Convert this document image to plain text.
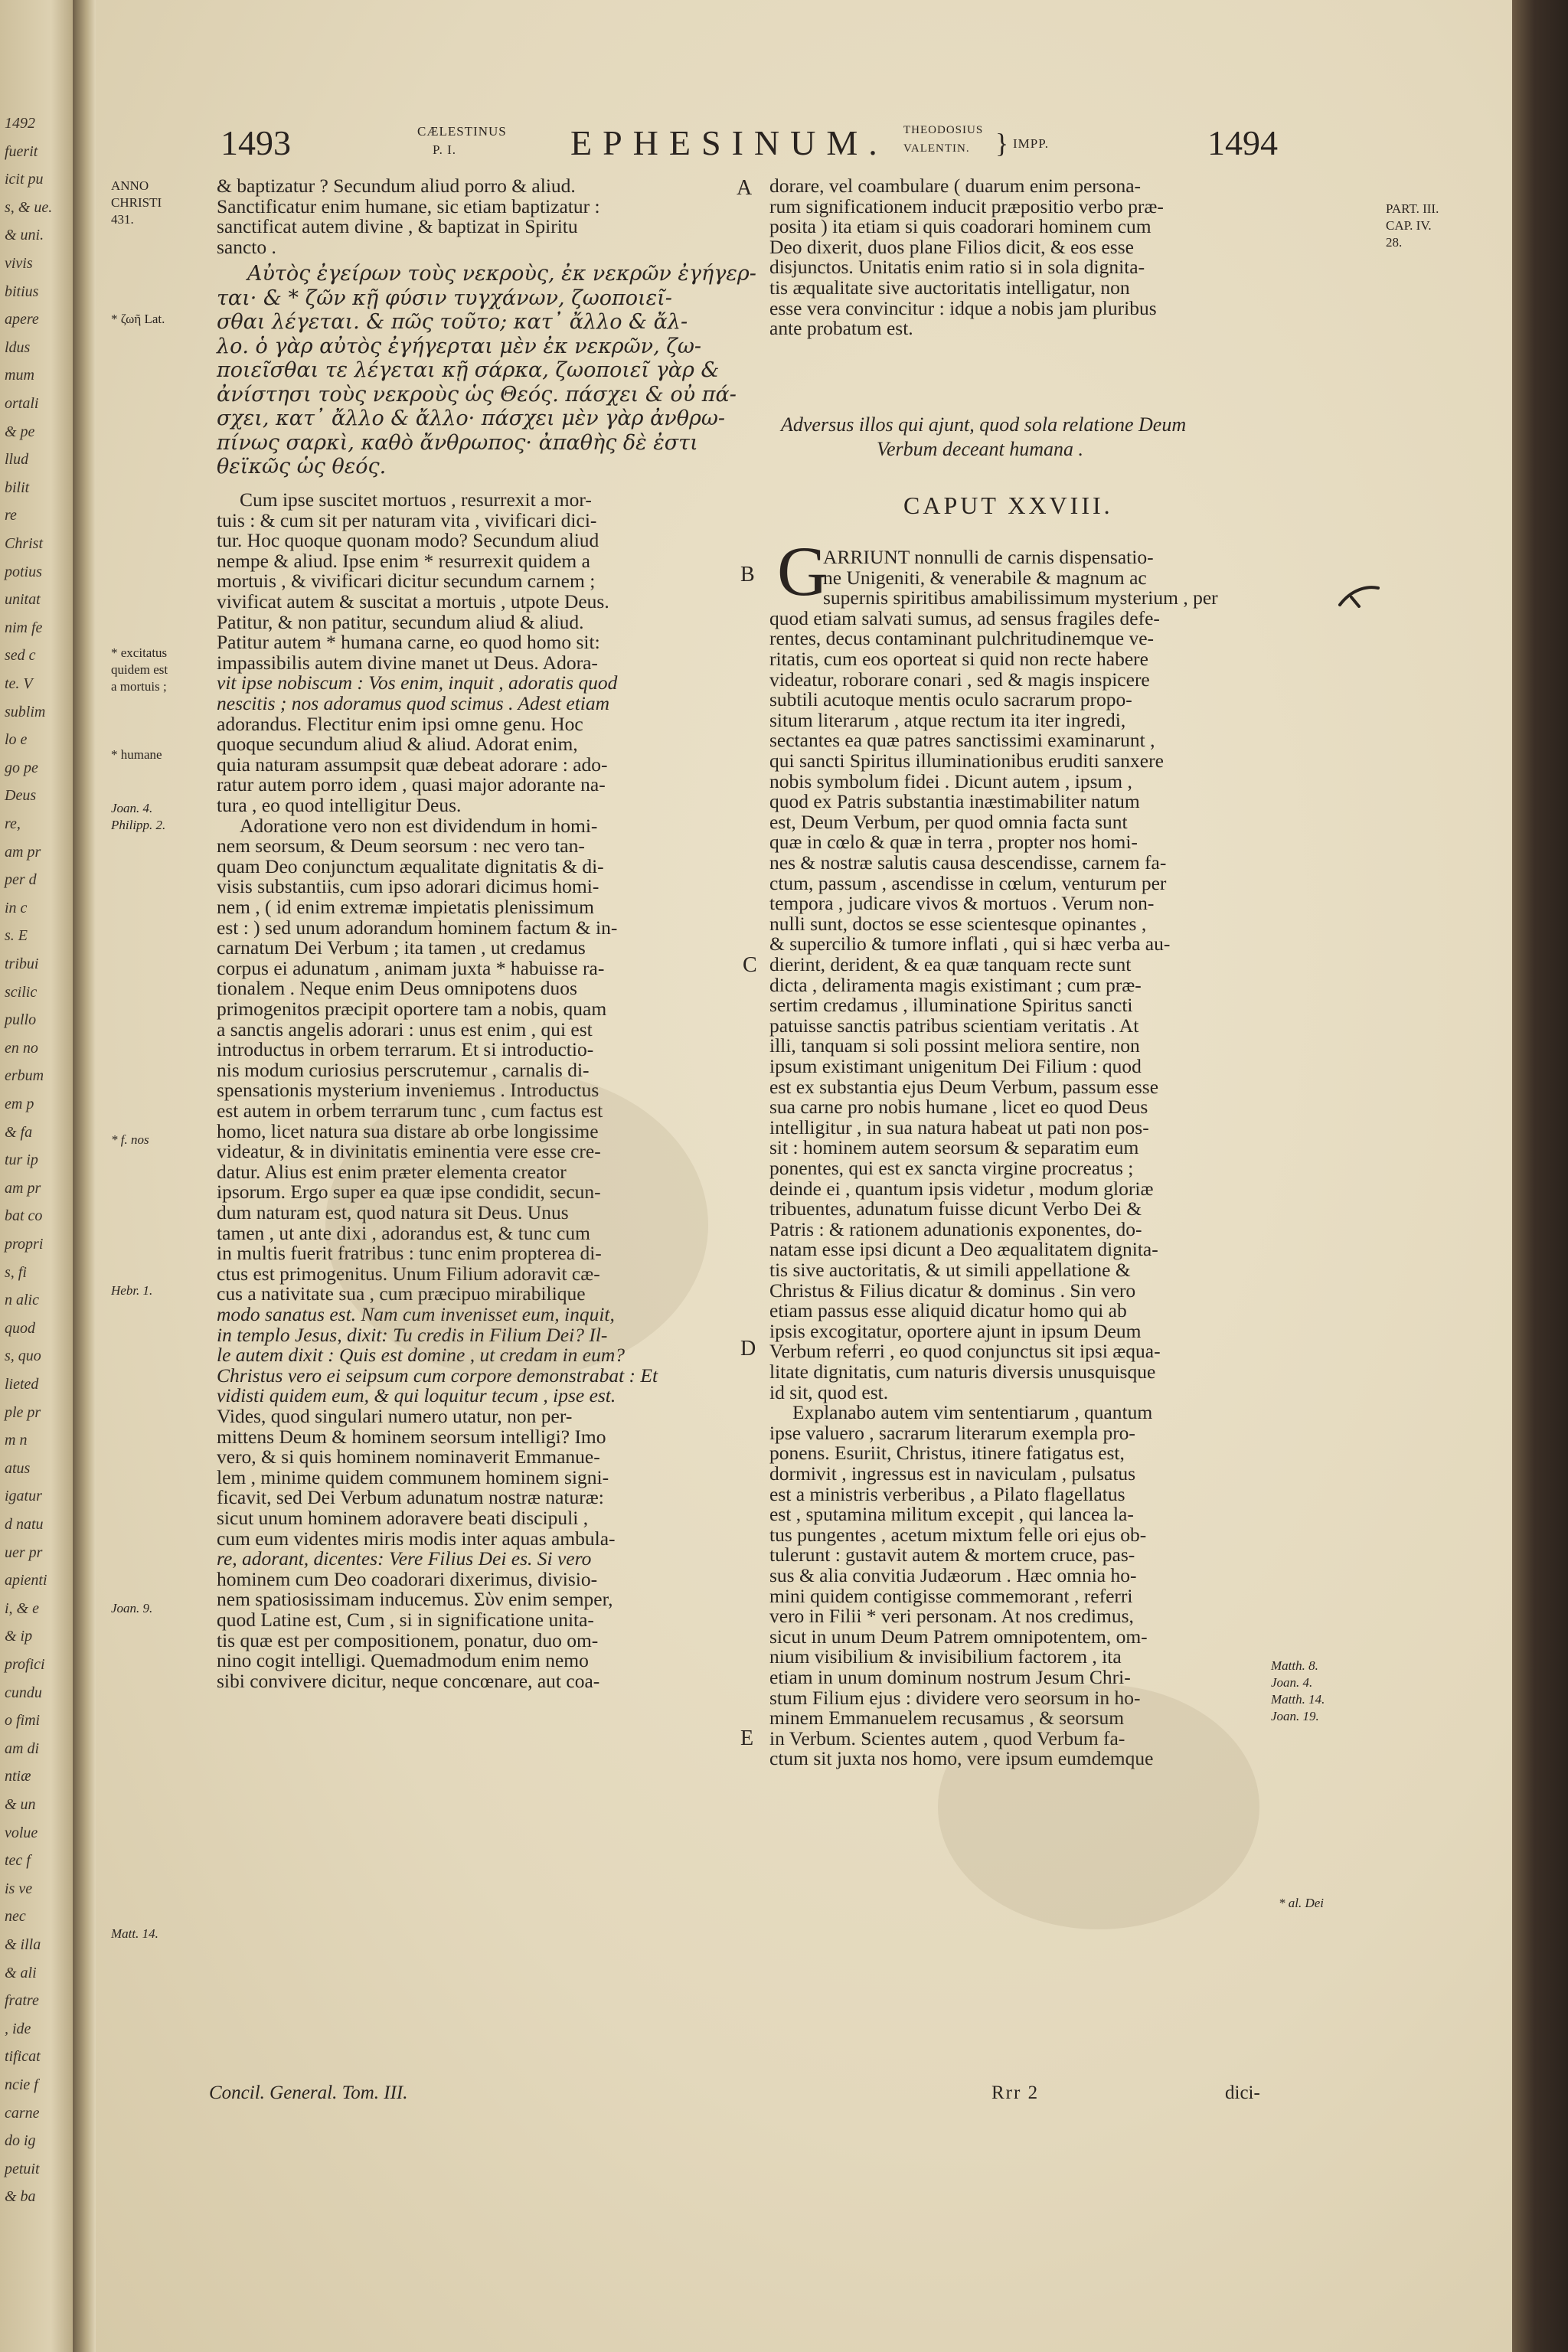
1492
fuerit
icit pu
s, & ue.
& uni.
vivis
bitius
apere
ldus
mum
ortali
& pe
llud
bilit
re
Christ
potius
unitat
nim fe
sed c
te. V
sublim
lo e
go pe
Deus
re,
am pr
per d
in c
s. E
tribui
scilic
pullo
en no
erbum
em p
& fa
tur ip
am pr
bat co
propri
s, fi
n alic
quod
s, quo
lieted
ple pr
m n
atus
igatur
d natu
uer pr
apienti
i, & e
& ip
profici
cundu
o fimi
am di
ntiæ
& un
volue
tec f
is ve
nec
& illa
& ali
fratre
, ide
tificat
ncie f
carne
do ig
petuit
& ba
1493	CÆLESTINUS
P. I.	EPHESINUM. THEODOSIUS
VALENTIN. } IMPP.	1494
ANNO
CHRISTI
431.
* ζωῆ Lat.
* excitatus
quidem est
a mortuis ;
* humane
Joan. 4.
Philipp. 2.
* f. nos
Hebr. 1.
Joan. 9.
Matt. 14.
PART. III.
CAP. IV.
28.
Matth. 8.
Joan. 4.
Matth. 14.
Joan. 19.
* al. Dei
A
B
C
D
E
& baptizatur ? Secundum aliud porro & aliud.
Sanctificatur enim humane, sic etiam baptizatur :
sanctificat autem divine , & baptizat in Spiritu
sancto .
Αὐτὸς ἐγείρων τοὺς νεκροὺς, ἐκ νεκρῶν ἐγήγερ-
ται· & * ζῶν κῇ φύσιν τυγχάνων, ζωοποιεῖ-
σθαι λέγεται. & πῶς τοῦτο; κατ᾽ ἄλλο & ἄλ-
λο. ὁ γὰρ αὐτὸς ἐγήγερται μὲν ἐκ νεκρῶν, ζω-
ποιεῖσθαι τε λέγεται κῇ σάρκα, ζωοποιεῖ γὰρ &
ἀνίστησι τοὺς νεκροὺς ὡς Θεός. πάσχει & οὐ πά-
σχει, κατ᾽ ἄλλο & ἄλλο· πάσχει μὲν γὰρ ἀνθρω-
πίνως σαρκὶ, καθὸ ἄνθρωπος· ἀπαθὴς δὲ ἐστι
θεϊκῶς ὡς θεός.
Cum ipse suscitet mortuos , resurrexit a mor-
tuis : & cum sit per naturam vita , vivificari dici-
tur. Hoc quoque quonam modo? Secundum aliud
nempe & aliud. Ipse enim * resurrexit quidem a
mortuis , & vivificari dicitur secundum carnem ;
vivificat autem & suscitat a mortuis , utpote Deus.
Patitur, & non patitur, secundum aliud & aliud.
Patitur autem * humana carne, eo quod homo sit:
impassibilis autem divine manet ut Deus. Adora-
vit ipse nobiscum : Vos enim, inquit , adoratis quod
nescitis ; nos adoramus quod scimus . Adest etiam
adorandus. Flectitur enim ipsi omne genu. Hoc
quoque secundum aliud & aliud. Adorat enim,
quia naturam assumpsit quæ debeat adorare : ado-
ratur autem porro idem , quasi major adorante na-
tura , eo quod intelligitur Deus.
Adoratione vero non est dividendum in homi-
nem seorsum, & Deum seorsum : nec vero tan-
quam Deo conjunctum æqualitate dignitatis & di-
visis substantiis, cum ipso adorari dicimus homi-
nem , ( id enim extremæ impietatis plenissimum
est : ) sed unum adorandum hominem factum & in-
carnatum Dei Verbum ; ita tamen , ut credamus
corpus ei adunatum , animam juxta * habuisse ra-
tionalem . Neque enim Deus omnipotens duos
primogenitos præcipit oportere tam a nobis, quam
a sanctis angelis adorari : unus est enim , qui est
introductus in orbem terrarum. Et si introductio-
nis modum curiosius perscrutemur , carnalis di-
spensationis mysterium inveniemus . Introductus
est autem in orbem terrarum tunc , cum factus est
homo, licet natura sua distare ab orbe longissime
videatur, & in divinitatis eminentia vere esse cre-
datur. Alius est enim præter elementa creator
ipsorum. Ergo super ea quæ ipse condidit, secun-
dum naturam est, quod natura sit Deus. Unus
tamen , ut ante dixi , adorandus est, & tunc cum
in multis fuerit fratribus : tunc enim propterea di-
ctus est primogenitus. Unum Filium adoravit cæ-
cus a nativitate sua , cum præcipuo mirabilique
modo sanatus est. Nam cum invenisset eum, inquit,
in templo Jesus, dixit: Tu credis in Filium Dei? Il-
le autem dixit : Quis est domine , ut credam in eum?
Christus vero ei seipsum cum corpore demonstrabat : Et
vidisti quidem eum, & qui loquitur tecum , ipse est.
Vides, quod singulari numero utatur, non per-
mittens Deum & hominem seorsum intelligi? Imo
vero, & si quis hominem nominaverit Emmanue-
lem , minime quidem communem hominem signi-
ficavit, sed Dei Verbum adunatum nostræ naturæ:
sicut unum hominem adoravere beati discipuli ,
cum eum videntes miris modis inter aquas ambula-
re, adorant, dicentes: Vere Filius Dei es. Si vero
hominem cum Deo coadorari dixerimus, divisio-
nem spatiosissimam inducemus. Σὺν enim semper,
quod Latine est, Cum , si in significatione unita-
tis quæ est per compositionem, ponatur, duo om-
nino cogit intelligi. Quemadmodum enim nemo
sibi convivere dicitur, neque concœnare, aut coa-
dorare, vel coambulare ( duarum enim persona-
rum significationem inducit præpositio verbo præ-
posita ) ita etiam si quis coadorari hominem cum
Deo dixerit, duos plane Filios dicit, & eos esse
disjunctos. Unitatis enim ratio si in sola dignita-
tis æqualitate sive auctoritatis intelligatur, non
esse vera convincitur : idque a nobis jam pluribus
ante probatum est.
ARRIUNT nonnulli de carnis dispensatio-
ne Unigeniti, & venerabile & magnum ac
supernis spiritibus amabilissimum mysterium , per
quod etiam salvati sumus, ad sensus fragiles defe-
rentes, decus contaminant pulchritudinemque ve-
ritatis, cum eos oporteat si quid non recte habere
videatur, roborare conari , sed & magis inspicere
subtili acutoque mentis oculo sacrarum propo-
situm literarum , atque rectum ita iter ingredi,
sectantes ea quæ patres sanctissimi examinarunt ,
qui sancti Spiritus illuminationibus eruditi sanxere
nobis symbolum fidei . Dicunt autem , ipsum ,
quod ex Patris substantia inæstimabiliter natum
est, Deum Verbum, per quod omnia facta sunt
quæ in cœlo & quæ in terra , propter nos homi-
nes & nostræ salutis causa descendisse, carnem fa-
ctum, passum , ascendisse in cœlum, venturum per
tempora , judicare vivos & mortuos . Verum non-
nulli sunt, doctos se esse scientesque opinantes ,
& supercilio & tumore inflati , qui si hæc verba au-
dierint, derident, & ea quæ tanquam recte sunt
dicta , deliramenta magis existimant ; cum præ-
sertim credamus , illuminatione Spiritus sancti
patuisse sanctis patribus scientiam veritatis . At
illi, tanquam si soli possint meliora sentire, non
ipsum existimant unigenitum Dei Filium : quod
est ex substantia ejus Deum Verbum, passum esse
sua carne pro nobis humane , licet eo quod Deus
intelligitur , in sua natura habeat ut pati non pos-
sit : hominem autem seorsum & separatim eum
ponentes, qui est ex sancta virgine procreatus ;
deinde ei , quantum ipsis videtur , modum gloriæ
tribuentes, adunatum fuisse dicunt Verbo Dei &
Patris : & rationem adunationis exponentes, do-
natam esse ipsi dicunt a Deo æqualitatem dignita-
tis sive auctoritatis, & ut simili appellatione &
Christus & Filius dicatur & dominus . Sin vero
etiam passus esse aliquid dicatur homo qui ab
ipsis excogitatur, oportere ajunt in ipsum Deum
Verbum referri , eo quod conjunctus sit ipsi æqua-
litate dignitatis, cum naturis diversis unusquisque
id sit, quod est.
Explanabo autem vim sententiarum , quantum
ipse valuero , sacrarum literarum exempla pro-
ponens. Esuriit, Christus, itinere fatigatus est,
dormivit , ingressus est in naviculam , pulsatus
est a ministris verberibus , a Pilato flagellatus
est , sputamina militum excepit , qui lancea la-
tus pungentes , acetum mixtum felle ori ejus ob-
tulerunt : gustavit autem & mortem cruce, pas-
sus & alia convitia Judæorum . Hæc omnia ho-
mini quidem contigisse commemorant , referri
vero in Filii * veri personam. At nos credimus,
sicut in unum Deum Patrem omnipotentem, om-
nium visibilium & invisibilium factorem , ita
etiam in unum dominum nostrum Jesum Chri-
stum Filium ejus : dividere vero seorsum in ho-
minem Emmanuelem recusamus , & seorsum
in Verbum. Scientes autem , quod Verbum fa-
ctum sit juxta nos homo, vere ipsum eumdemque
Adversus illos qui ajunt, quod sola relatione Deum
Verbum deceant humana .
CAPUT XXVIII.
G
Concil. General. Tom. III.	Rrr 2	dici-
